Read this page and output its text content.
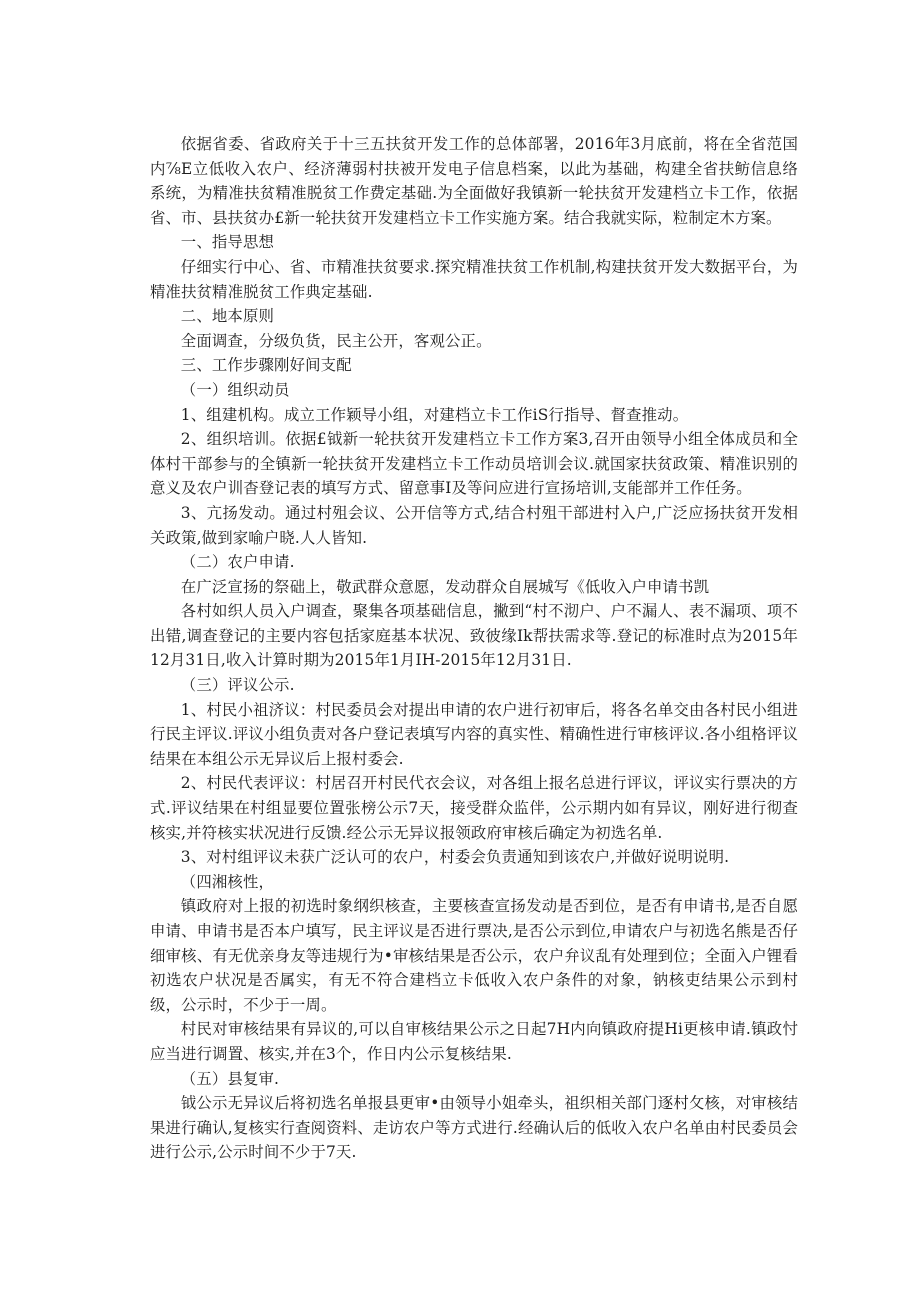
依据省委、省政府关于十三五扶贫开发工作的总体部署，2016年3月底前，将在全省范国内⅞E立低收入农户、经济薄弱村扶被开发电子信息档案，以此为基础，构建全省扶鲂信息络系统，为精准扶贫精准脱贫工作费定基础.为全面做好我镇新一轮扶贫开发建档立卡工作，依据省、市、县扶贫办£新一轮扶贫开发建档立卡工作实施方案。结合我就实际，粒制定木方案。

一、指导思想

仔细实行中心、省、市精准扶贫要求.探究精准扶贫工作机制,构建扶贫开发大数据平台，为精准扶贫精准脱贫工作典定基础.

二、地本原则

全面调查，分级负货，民主公开，客观公正。

三、工作步骤刚好间支配

（一）组织动员

1、组建机构。成立工作颖导小组，对建档立卡工作iS行指导、督查推动。

2、组织培训。依据£钺新一轮扶贫开发建档立卡工作方案3,召开由领导小组全体成员和全体村干部参与的全镇新一轮扶贫开发建档立卡工作动员培训会议.就国家扶贫政策、精准识别的意义及农户训杳登记表的填写方式、留意事I及等问应进行宣扬培训,支能部并工作任务。

3、亢扬发动。通过村殂会议、公开信等方式,结合村殂干部进村入户,广泛应扬扶贫开发相关政策,做到家喻户晓.人人皆知.

（二）农户申请.

在广泛宣扬的祭础上，敬武群众意愿，发动群众自展城写《低收入户申请书凯

各村如织人员入户调查，聚集各项基础信息，撇到“村不沏户、户不漏人、表不漏项、项不出错,调查登记的主要内容包括家庭基本状况、致彼缘Ik帮扶需求等.登记的标准时点为2015年12月31日,收入计算时期为2015年1月IH-2015年12月31日.

（三）评议公示.

1、村民小祖济议：村民委员会对提出申请的农户进行初审后，将各名单交由各村民小组进行民主评议.评议小组负责对各户登记表填写内容的真实性、精确性进行审核评议.各小组格评议结果在本组公示无异议后上报村委会.

2、村民代表评议：村居召开村民代衣会议，对各组上报名总进行评议，评议实行票决的方式.评议结果在村组显要位置张榜公示7天，接受群众监伴，公示期内如有异议，刚好进行彻查核实,并符核实状况进行反馈.经公示无异议报领政府审核后确定为初选名单.

3、对村组评议未获广泛认可的农户，村委会负责通知到该农户,并做好说明说明.

（四湘核性，

镇政府对上报的初选时象纲织核查，主要核查宣扬发动是否到位，是否有申请书,是否自愿申请、申请书是否本户填写，民主评议是否进行票决,是否公示到位,申请农户与初选名熊是否仔细审核、有无优亲身友等违规行为•审核结果是否公示，农户弁议乱有处理到位；全面入户锂看初选农户状况是否属实，有无不符合建档立卡低收入农户条件的对象，钠核吏结果公示到村级，公示时，不少于一周。

村民对审核结果有异议的,可以自审核结果公示之日起7H内向镇政府提Hi更核申请.镇政忖应当进行调置、核实,并在3个，作日内公示复核结果.

（五）县复审.

钺公示无异议后将初选名单报县更审•由领导小姐牵头，祖织相关部门逐村攵核，对审核结果进行确认,复核实行查阅资料、走访农户等方式进行.经确认后的低收入农户名单由村民委员会进行公示,公示时间不少于7天.
